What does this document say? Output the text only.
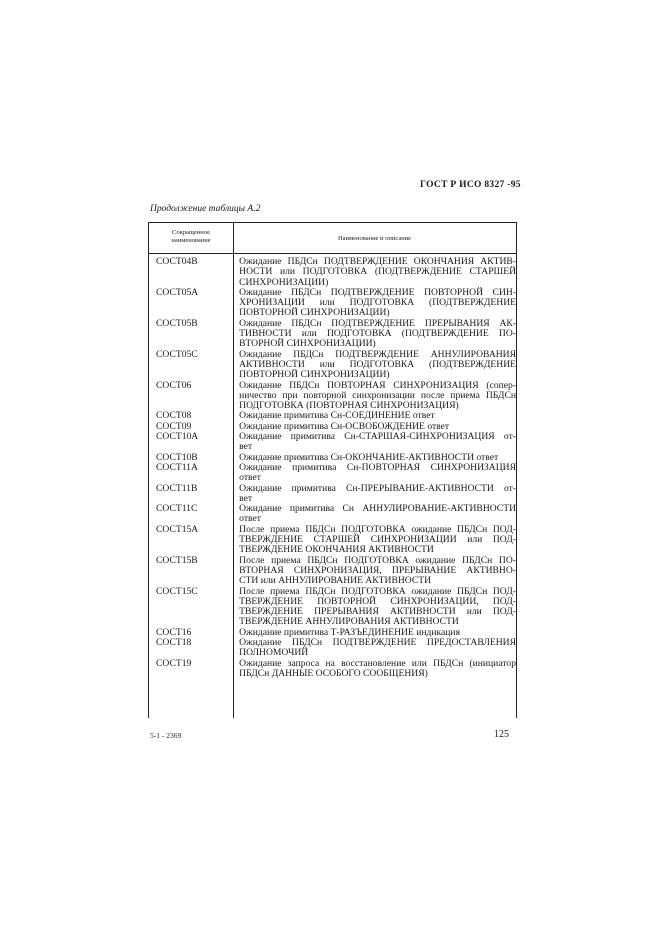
ГОСТ Р ИСО 8327 -95
Продолжение таблицы А.2
Сокращенное
наименование	Наименование и описание
СОСТ04В	Ожидание ПБДСн ПОДТВЕРЖДЕНИЕ ОКОНЧАНИЯ АКТИВ-
НОСТИ или ПОДГОТОВКА (ПОДТВЕРЖДЕНИЕ СТАРШЕЙ
СИНХРОНИЗАЦИИ)
СОСТ05А	Ожидание ПБДСн ПОДТВЕРЖДЕНИЕ ПОВТОРНОЙ СИН-
ХРОНИЗАЦИИ или ПОДГОТОВКА (ПОДТВЕРЖДЕНИЕ
ПОВТОРНОЙ СИНХРОНИЗАЦИИ)
СОСТ05В	Ожидание ПБДСн ПОДТВЕРЖДЕНИЕ ПРЕРЫВАНИЯ АК-
ТИВНОСТИ или ПОДГОТОВКА (ПОДТВЕРЖДЕНИЕ ПО-
ВТОРНОЙ СИНХРОНИЗАЦИИ)
СОСТ05С	Ожидание ПБДСн ПОДТВЕРЖДЕНИЕ АННУЛИРОВАНИЯ
АКТИВНОСТИ или ПОДГОТОВКА (ПОДТВЕРЖДЕНИЕ
ПОВТОРНОЙ СИНХРОНИЗАЦИИ)
СОСТ06	Ожидание ПБДСн ПОВТОРНАЯ СИНХРОНИЗАЦИЯ (сопер-
ничество при повторной синхронизации после приема ПБДСн
ПОДГОТОВКА (ПОВТОРНАЯ СИНХРОНИЗАЦИЯ)
СОСТ08	Ожидание примитива Сн-СОЕДИНЕНИЕ ответ
СОСТ09	Ожидание примитива Сн-ОСВОБОЖДЕНИЕ ответ
СОСТ10А	Ожидание примитива Сн-СТАРШАЯ-СИНХРОНИЗАЦИЯ от-
вет
СОСТ10В	Ожидание примитива Сн-ОКОНЧАНИЕ-АКТИВНОСТИ ответ
СОСТ11А	Ожидание примитива Сн-ПОВТОРНАЯ СИНХРОНИЗАЦИЯ
ответ
СОСТ11В	Ожидание примитива Сн-ПРЕРЫВАНИЕ-АКТИВНОСТИ от-
вет
СОСТ11С	Ожидание примитива Сн АННУЛИРОВАНИЕ-АКТИВНОСТИ
ответ
СОСТ15А	После приема ПБДСн ПОДГОТОВКА ожидание ПБДСн ПОД-
ТВЕРЖДЕНИЕ СТАРШЕЙ СИНХРОНИЗАЦИИ или ПОД-
ТВЕРЖДЕНИЕ ОКОНЧАНИЯ АКТИВНОСТИ
СОСТ15В	После приема ПБДСн ПОДГОТОВКА ожидание ПБДСн ПО-
ВТОРНАЯ СИНХРОНИЗАЦИЯ, ПРЕРЫВАНИЕ АКТИВНО-
СТИ или АННУЛИРОВАНИЕ АКТИВНОСТИ
СОСТ15С	После приема ПБДСн ПОДГОТОВКА ожидание ПБДСн ПОД-
ТВЕРЖДЕНИЕ ПОВТОРНОЙ СИНХРОНИЗАЦИИ, ПОД-
ТВЕРЖДЕНИЕ ПРЕРЫВАНИЯ АКТИВНОСТИ или ПОД-
ТВЕРЖДЕНИЕ АННУЛИРОВАНИЯ АКТИВНОСТИ
СОСТ16	Ожидание примитива Т-РАЗЪЕДИНЕНИЕ индикация
СОСТ18	Ожидание ПБДСн ПОДТВЕРЖДЕНИЕ ПРЕДОСТАВЛЕНИЯ
ПОЛНОМОЧИЙ
СОСТ19	Ожидание запроса на восстановление или ПБДСн (инициатор
ПБДСн ДАННЫЕ ОСОБОГО СООБЩЕНИЯ)
5-1 - 2369	125
